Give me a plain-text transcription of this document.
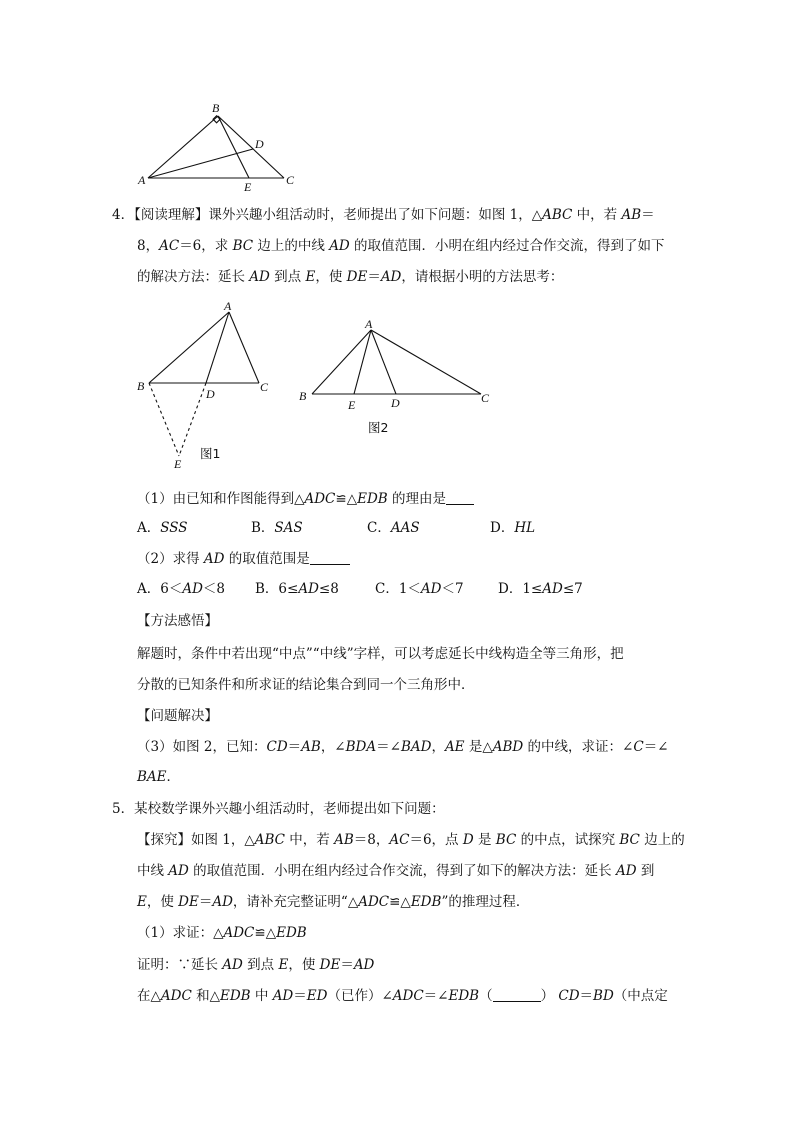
B
D
A	E	C
4．【阅读理解】课外兴趣小组活动时，老师提出了如下问题：如图 1，△ABC 中，若 AB＝
8，AC＝6，求 BC 边上的中线 AD 的取值范围．小明在组内经过合作交流，得到了如下
的解决方法：延长 AD 到点 E，使 DE＝AD，请根据小明的方法思考：
A
B
D	C
E
图1
A
B
E	D	C
图2
（1）由已知和作图能得到△ADC≌△EDB 的理由是
A．SSS	B．SAS	C．AAS	D．HL
（2）求得 AD 的取值范围是
A．6＜AD＜8 B．6≤AD≤8	C．1＜AD＜7	D．1≤AD≤7
【方法感悟】
解题时，条件中若出现“中点”“中线”字样，可以考虑延长中线构造全等三角形，把
分散的已知条件和所求证的结论集合到同一个三角形中．
【问题解决】
（3）如图 2，已知：CD＝AB，∠BDA＝∠BAD，AE 是△ABD 的中线，求证：∠C＝∠
BAE．
5．某校数学课外兴趣小组活动时，老师提出如下问题：
【探究】如图 1，△ABC 中，若 AB＝8，AC＝6，点 D 是 BC 的中点，试探究 BC 边上的
中线 AD 的取值范围．小明在组内经过合作交流，得到了如下的解决方法：延长 AD 到
E，使 DE＝AD，请补充完整证明“△ADC≌△EDB”的推理过程．
（1）求证：△ADC≌△EDB
证明：∵延长 AD 到点 E，使 DE＝AD
在△ADC 和△EDB 中 AD＝ED（已作）∠ADC＝∠EDB（	） CD＝BD（中点定
